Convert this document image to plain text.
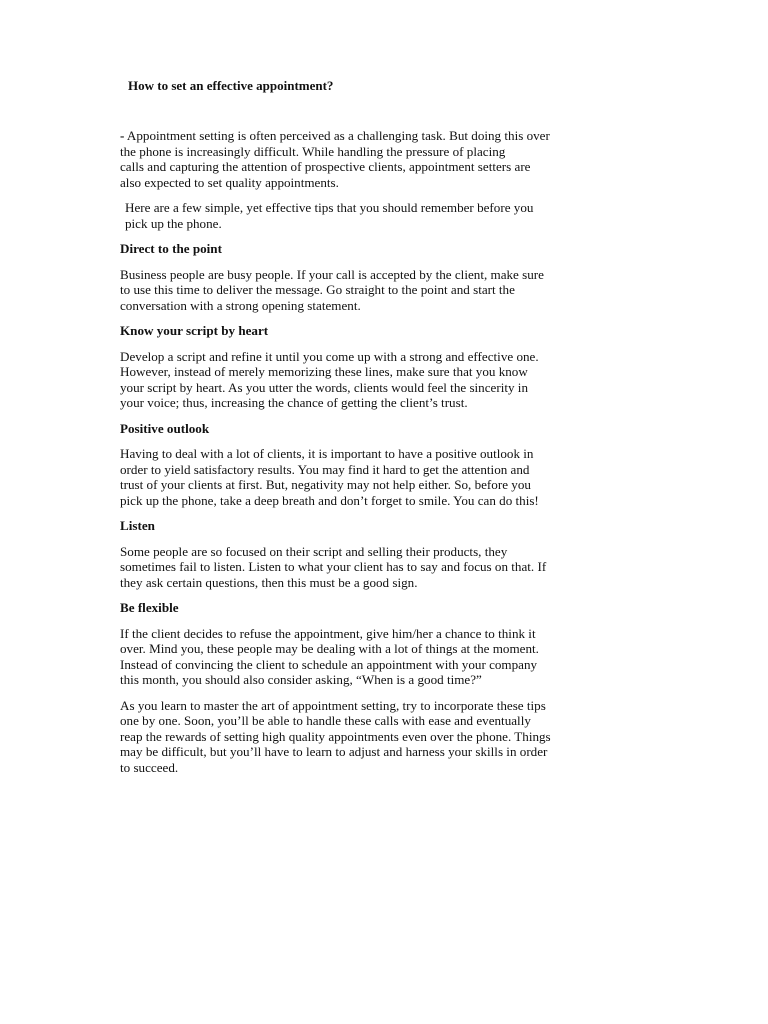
How to set an effective appointment?

- Appointment setting is often perceived as a challenging task. But doing this over
the phone is increasingly difficult. While handling the pressure of placing
calls and capturing the attention of prospective clients, appointment setters are
also expected to set quality appointments.

Here are a few simple, yet effective tips that you should remember before you
pick up the phone.

Direct to the point

Business people are busy people. If your call is accepted by the client, make sure
to use this time to deliver the message. Go straight to the point and start the
conversation with a strong opening statement.

Know your script by heart

Develop a script and refine it until you come up with a strong and effective one.
However, instead of merely memorizing these lines, make sure that you know
your script by heart. As you utter the words, clients would feel the sincerity in
your voice; thus, increasing the chance of getting the client’s trust.

Positive outlook

Having to deal with a lot of clients, it is important to have a positive outlook in
order to yield satisfactory results. You may find it hard to get the attention and
trust of your clients at first. But, negativity may not help either. So, before you
pick up the phone, take a deep breath and don’t forget to smile. You can do this!

Listen

Some people are so focused on their script and selling their products, they
sometimes fail to listen. Listen to what your client has to say and focus on that. If
they ask certain questions, then this must be a good sign.

Be flexible

If the client decides to refuse the appointment, give him/her a chance to think it
over. Mind you, these people may be dealing with a lot of things at the moment.
Instead of convincing the client to schedule an appointment with your company
this month, you should also consider asking, “When is a good time?”

As you learn to master the art of appointment setting, try to incorporate these tips
one by one. Soon, you’ll be able to handle these calls with ease and eventually
reap the rewards of setting high quality appointments even over the phone. Things
may be difficult, but you’ll have to learn to adjust and harness your skills in order
to succeed.
